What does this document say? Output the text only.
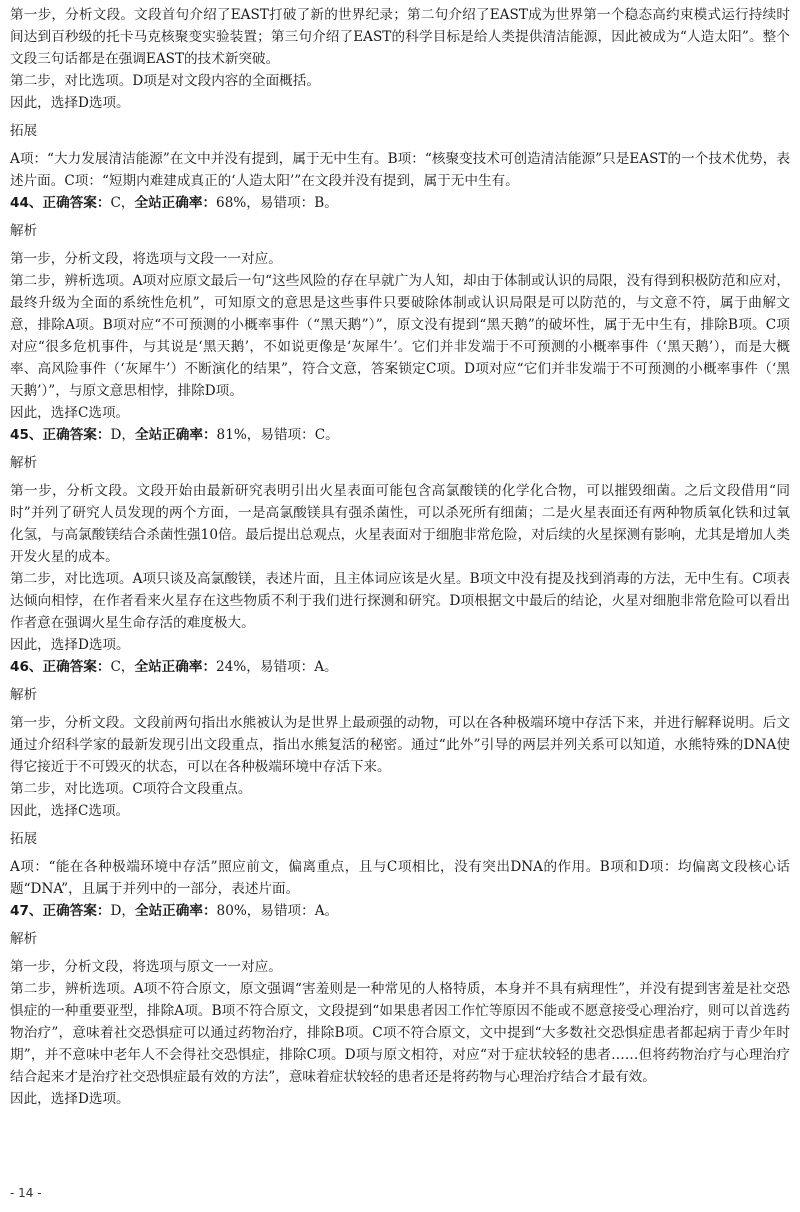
第一步，分析文段。文段首句介绍了EAST打破了新的世界纪录；第二句介绍了EAST成为世界第一个稳态高约束模式运行持续时间达到百秒级的托卡马克核聚变实验装置；第三句介绍了EAST的科学目标是给人类提供清洁能源，因此被成为“人造太阳”。整个文段三句话都是在强调EAST的技术新突破。

第二步，对比选项。D项是对文段内容的全面概括。

因此，选择D选项。

拓展

A项：“大力发展清洁能源”在文中并没有提到，属于无中生有。B项：“核聚变技术可创造清洁能源”只是EAST的一个技术优势，表述片面。C项：“短期内难建成真正的‘人造太阳’”在文段并没有提到，属于无中生有。

44、正确答案：C，全站正确率：68%，易错项：B。

解析

第一步，分析文段，将选项与文段一一对应。

第二步，辨析选项。A项对应原文最后一句“这些风险的存在早就广为人知，却由于体制或认识的局限，没有得到积极防范和应对，最终升级为全面的系统性危机”，可知原文的意思是这些事件只要破除体制或认识局限是可以防范的，与文意不符，属于曲解文意，排除A项。B项对应“不可预测的小概率事件（“黑天鹅”）”，原文没有提到“黑天鹅”的破坏性，属于无中生有，排除B项。C项对应“很多危机事件，与其说是‘黑天鹅’，不如说更像是‘灰犀牛’。它们并非发端于不可预测的小概率事件（‘黑天鹅’），而是大概率、高风险事件（‘灰犀牛’）不断演化的结果”，符合文意，答案锁定C项。D项对应“它们并非发端于不可预测的小概率事件（‘黑天鹅’）”，与原文意思相悖，排除D项。

因此，选择C选项。

45、正确答案：D，全站正确率：81%，易错项：C。

解析

第一步，分析文段。文段开始由最新研究表明引出火星表面可能包含高氯酸镁的化学化合物，可以摧毁细菌。之后文段借用“同时”并列了研究人员发现的两个方面，一是高氯酸镁具有强杀菌性，可以杀死所有细菌；二是火星表面还有两种物质氧化铁和过氧化氢，与高氯酸镁结合杀菌性强10倍。最后提出总观点，火星表面对于细胞非常危险，对后续的火星探测有影响，尤其是增加人类开发火星的成本。

第二步，对比选项。A项只谈及高氯酸镁，表述片面，且主体词应该是火星。B项文中没有提及找到消毒的方法，无中生有。C项表达倾向相悖，在作者看来火星存在这些物质不利于我们进行探测和研究。D项根据文中最后的结论，火星对细胞非常危险可以看出作者意在强调火星生命存活的难度极大。

因此，选择D选项。

46、正确答案：C，全站正确率：24%，易错项：A。

解析

第一步，分析文段。文段前两句指出水熊被认为是世界上最顽强的动物，可以在各种极端环境中存活下来，并进行解释说明。后文通过介绍科学家的最新发现引出文段重点，指出水熊复活的秘密。通过“此外”引导的两层并列关系可以知道，水熊特殊的DNA使得它接近于不可毁灭的状态，可以在各种极端环境中存活下来。

第二步，对比选项。C项符合文段重点。

因此，选择C选项。

拓展

A项：“能在各种极端环境中存活”照应前文，偏离重点，且与C项相比，没有突出DNA的作用。B项和D项：均偏离文段核心话题“DNA”，且属于并列中的一部分，表述片面。

47、正确答案：D，全站正确率：80%，易错项：A。

解析

第一步，分析文段，将选项与原文一一对应。

第二步，辨析选项。A项不符合原文，原文强调“害羞则是一种常见的人格特质，本身并不具有病理性”，并没有提到害羞是社交恐惧症的一种重要亚型，排除A项。B项不符合原文，文段提到“如果患者因工作忙等原因不能或不愿意接受心理治疗，则可以首选药物治疗”，意味着社交恐惧症可以通过药物治疗，排除B项。C项不符合原文，文中提到“大多数社交恐惧症患者都起病于青少年时期”，并不意味中老年人不会得社交恐惧症，排除C项。D项与原文相符，对应“对于症状较轻的患者……但将药物治疗与心理治疗结合起来才是治疗社交恐惧症最有效的方法”，意味着症状较轻的患者还是将药物与心理治疗结合才最有效。

因此，选择D选项。

- 14 -
